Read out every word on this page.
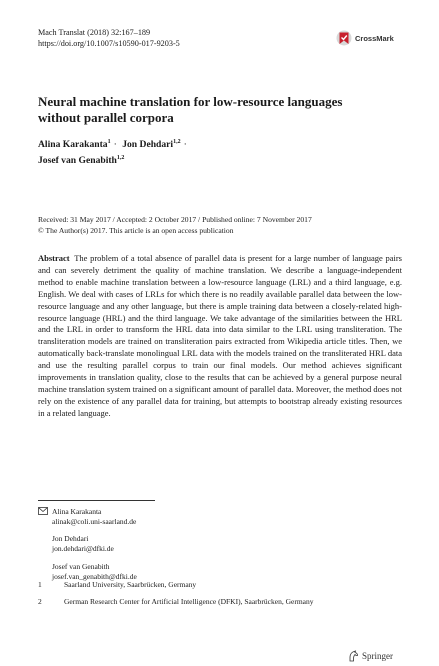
Mach Translat (2018) 32:167–189
https://doi.org/10.1007/s10590-017-9203-5
CrossMark
Neural machine translation for low-resource languages without parallel corpora
Alina Karakanta$^1$ · Jon Dehdari$^{1,2}$ ·
Josef van Genabith$^{1,2}$
Received: 31 May 2017 / Accepted: 2 October 2017 / Published online: 7 November 2017
© The Author(s) 2017. This article is an open access publication
Abstract The problem of a total absence of parallel data is present for a large number of language pairs and can severely detriment the quality of machine translation. We describe a language-independent method to enable machine translation between a low-resource language (LRL) and a third language, e.g. English. We deal with cases of LRLs for which there is no readily available parallel data between the low-resource language and any other language, but there is ample training data between a closely-related high-resource language (HRL) and the third language. We take advantage of the similarities between the HRL and the LRL in order to transform the HRL data into data similar to the LRL using transliteration. The transliteration models are trained on transliteration pairs extracted from Wikipedia article titles. Then, we automatically back-translate monolingual LRL data with the models trained on the transliterated HRL data and use the resulting parallel corpus to train our final models. Our method achieves significant improvements in translation quality, close to the results that can be achieved by a general purpose neural machine translation system trained on a significant amount of parallel data. Moreover, the method does not rely on the existence of any parallel data for training, but attempts to bootstrap already existing resources in a related language.
Alina Karakanta
alinak@coli.uni-saarland.de
Jon Dehdari
jon.dehdari@dfki.de
Josef van Genabith
josef.van_genabith@dfki.de
1	Saarland University, Saarbrücken, Germany
2	German Research Center for Artificial Intelligence (DFKI), Saarbrücken, Germany
Springer
